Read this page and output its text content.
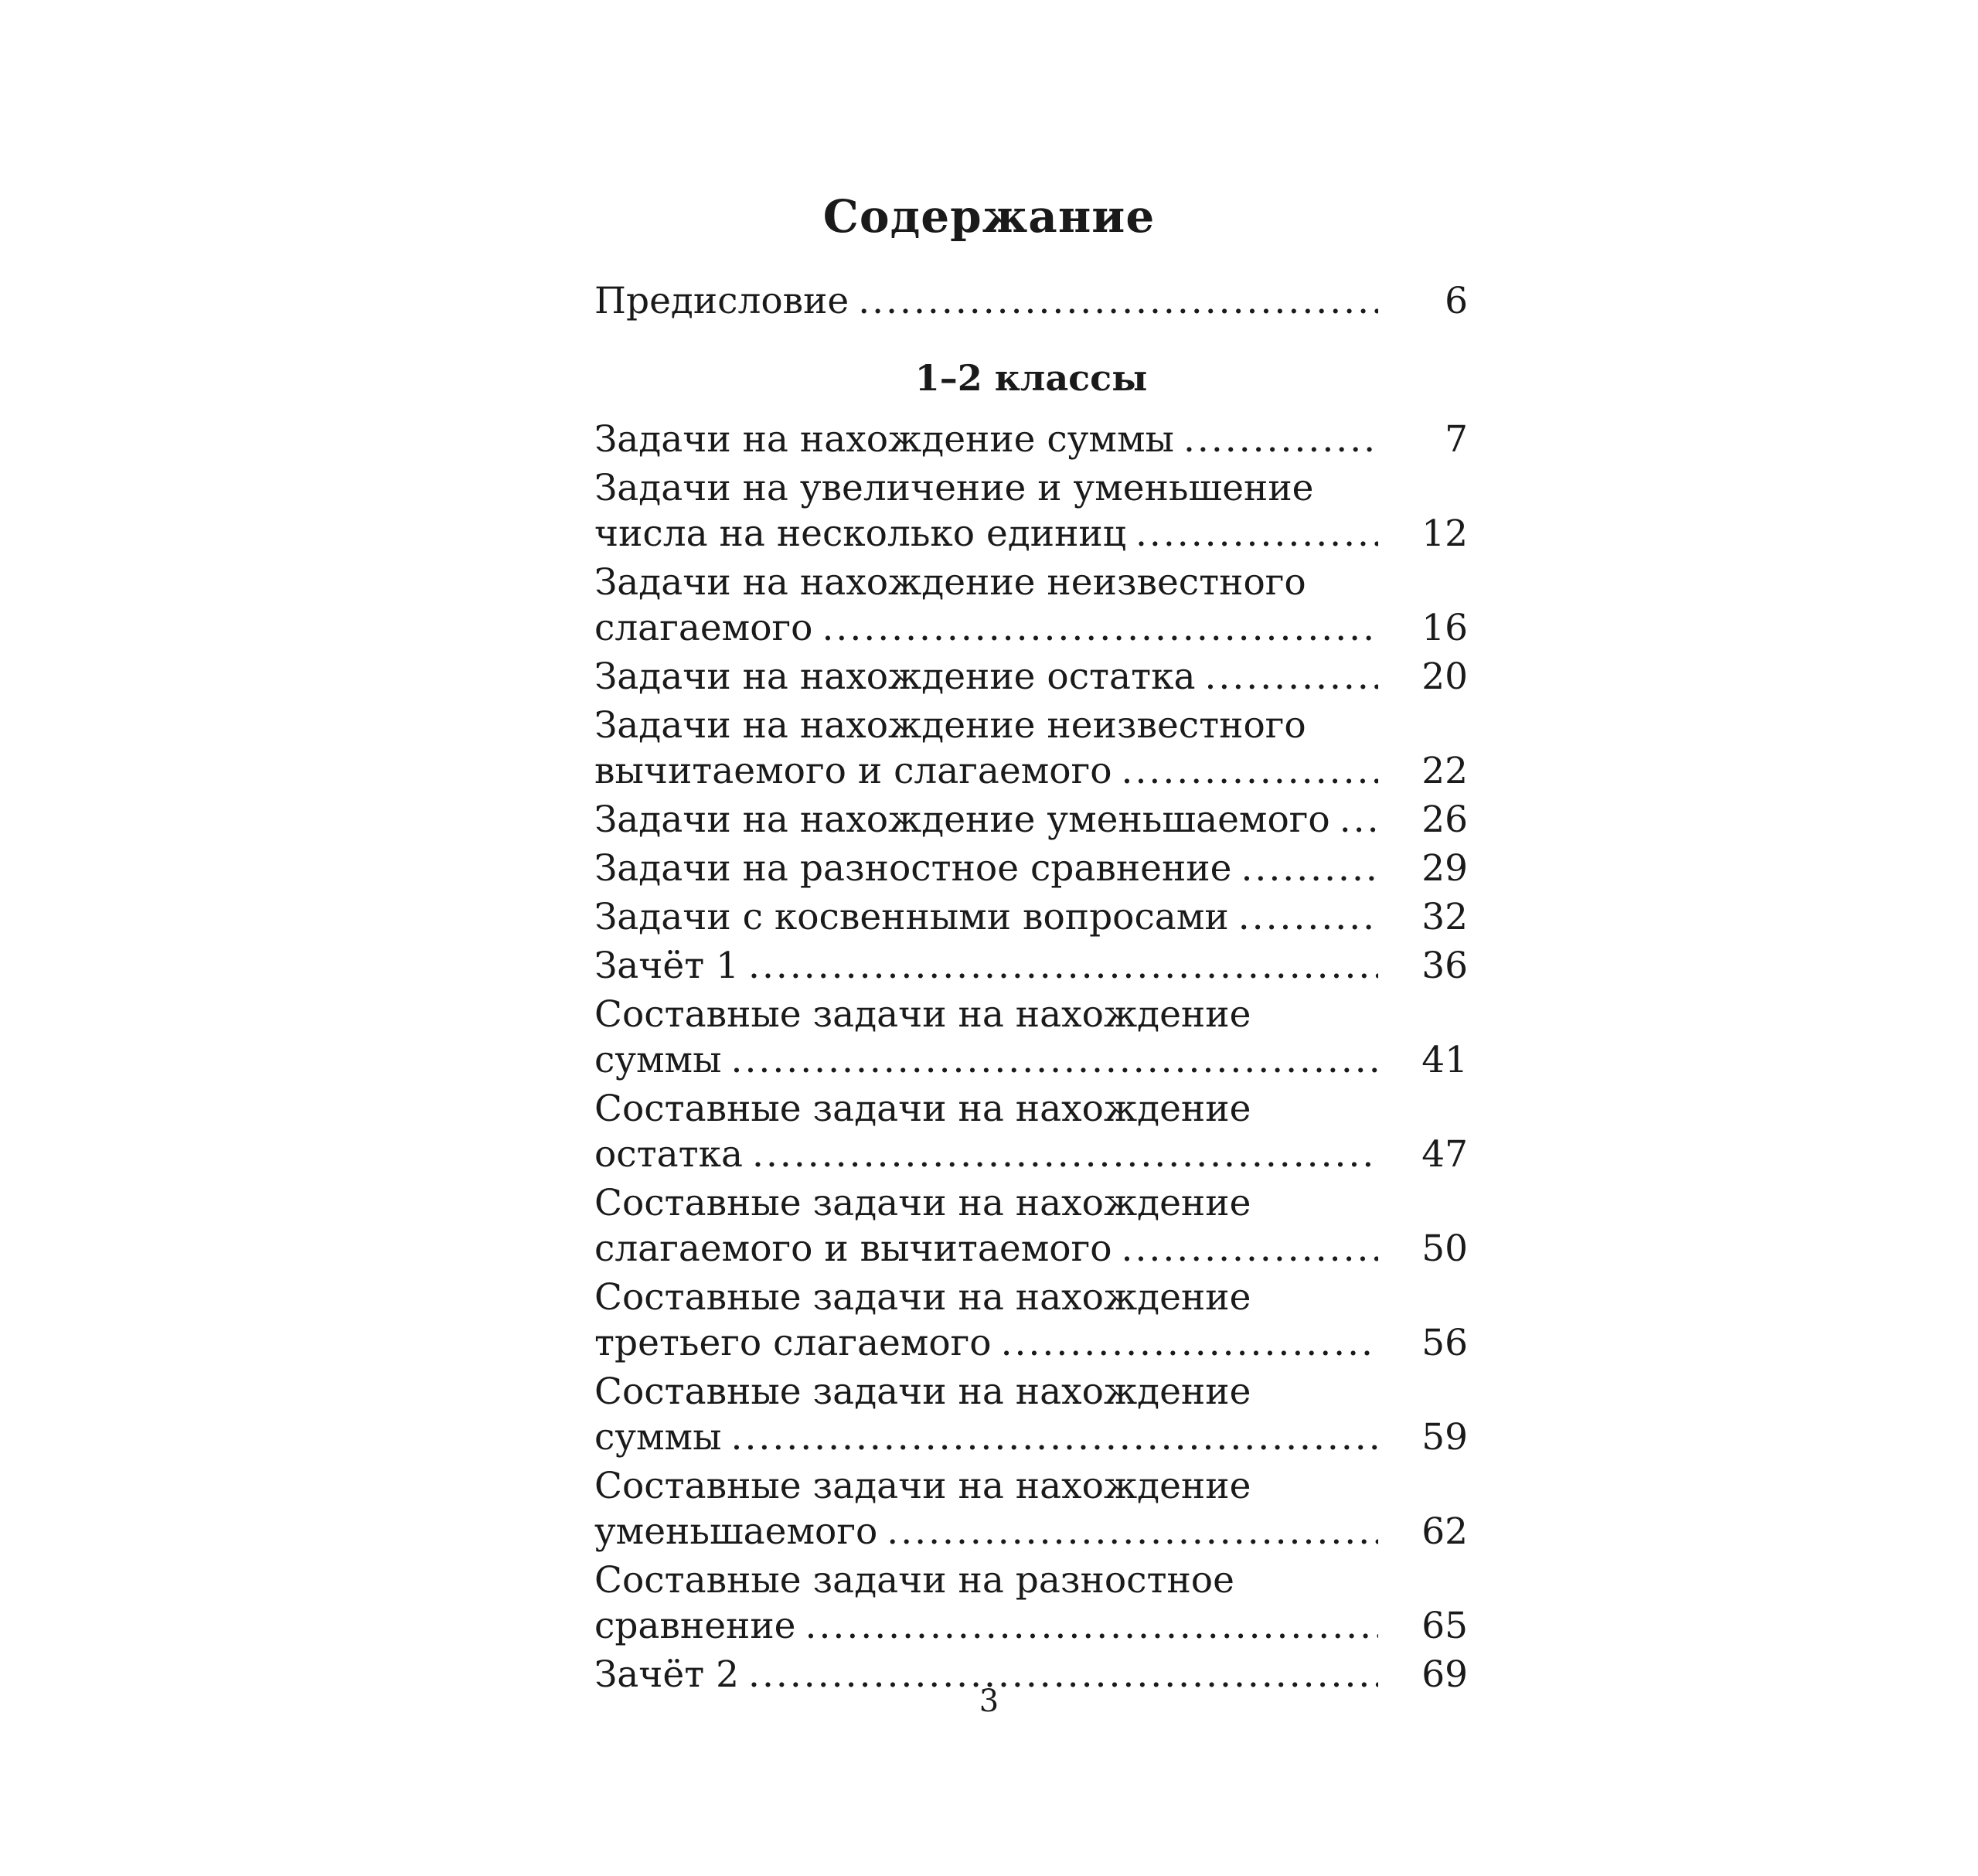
Содержание
Предисловие .....	6
1–2 классы
Задачи на нахождение суммы .....	7
Задачи на увеличение и уменьшение
числа на несколько единиц .....	12
Задачи на нахождение неизвестного
слагаемого .....	16
Задачи на нахождение остатка .....	20
Задачи на нахождение неизвестного
вычитаемого и слагаемого .....	22
Задачи на нахождение уменьшаемого .....	26
Задачи на разностное сравнение .....	29
Задачи с косвенными вопросами .....	32
Зачёт 1 .....	36
Составные задачи на нахождение
суммы .....	41
Составные задачи на нахождение
остатка .....	47
Составные задачи на нахождение
слагаемого и вычитаемого .....	50
Составные задачи на нахождение
третьего слагаемого .....	56
Составные задачи на нахождение
суммы .....	59
Составные задачи на нахождение
уменьшаемого .....	62
Составные задачи на разностное
сравнение .....	65
Зачёт 2 .....	69
3
